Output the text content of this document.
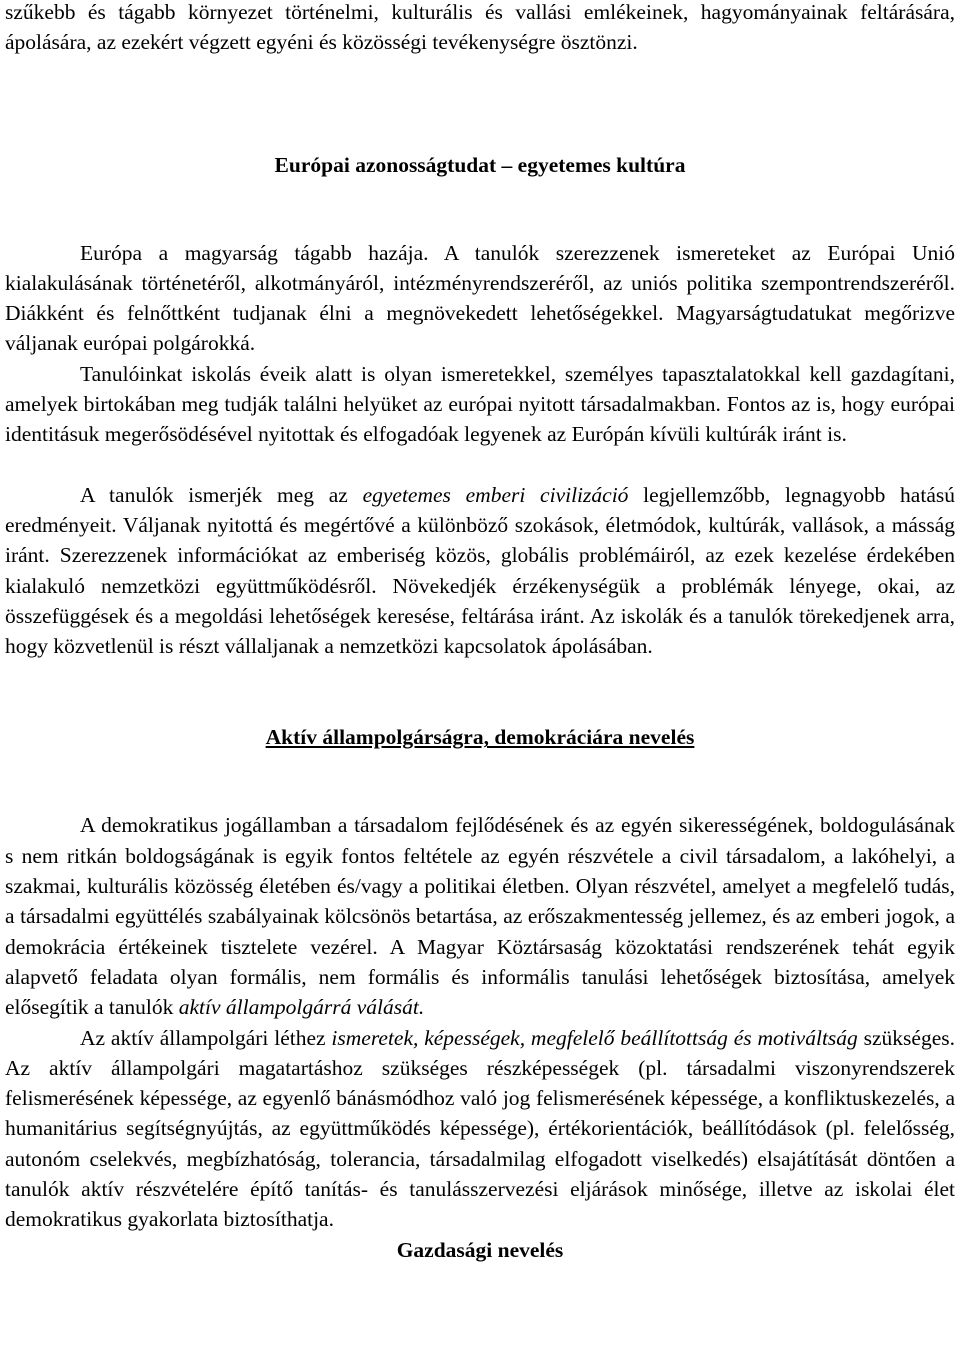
szűkebb és tágabb környezet történelmi, kulturális és vallási emlékeinek, hagyományainak feltárására, ápolására, az ezekért végzett egyéni és közösségi tevékenységre ösztönzi.

Európai azonosságtudat – egyetemes kultúra

Európa a magyarság tágabb hazája. A tanulók szerezzenek ismereteket az Európai Unió kialakulásának történetéről, alkotmányáról, intézményrendszeréről, az uniós politika szempontrendszeréről. Diákként és felnőttként tudjanak élni a megnövekedett lehetőségekkel. Magyarságtudatukat megőrizve váljanak európai polgárokká.

Tanulóinkat iskolás éveik alatt is olyan ismeretekkel, személyes tapasztalatokkal kell gazdagítani, amelyek birtokában meg tudják találni helyüket az európai nyitott társadalmakban. Fontos az is, hogy európai identitásuk megerősödésével nyitottak és elfogadóak legyenek az Európán kívüli kultúrák iránt is.

A tanulók ismerjék meg az egyetemes emberi civilizáció legjellemzőbb, legnagyobb hatású eredményeit. Váljanak nyitottá és megértővé a különböző szokások, életmódok, kultúrák, vallások, a másság iránt. Szerezzenek információkat az emberiség közös, globális problémáiról, az ezek kezelése érdekében kialakuló nemzetközi együttműködésről. Növekedjék érzékenységük a problémák lényege, okai, az összefüggések és a megoldási lehetőségek keresése, feltárása iránt. Az iskolák és a tanulók törekedjenek arra, hogy közvetlenül is részt vállaljanak a nemzetközi kapcsolatok ápolásában.

Aktív állampolgárságra, demokráciára nevelés

A demokratikus jogállamban a társadalom fejlődésének és az egyén sikerességének, boldogulásának s nem ritkán boldogságának is egyik fontos feltétele az egyén részvétele a civil társadalom, a lakóhelyi, a szakmai, kulturális közösség életében és/vagy a politikai életben. Olyan részvétel, amelyet a megfelelő tudás, a társadalmi együttélés szabályainak kölcsönös betartása, az erőszakmentesség jellemez, és az emberi jogok, a demokrácia értékeinek tisztelete vezérel. A Magyar Köztársaság közoktatási rendszerének tehát egyik alapvető feladata olyan formális, nem formális és informális tanulási lehetőségek biztosítása, amelyek elősegítik a tanulók aktív állampolgárrá válását.

Az aktív állampolgári léthez ismeretek, képességek, megfelelő beállítottság és motiváltság szükséges. Az aktív állampolgári magatartáshoz szükséges részképességek (pl. társadalmi viszonyrendszerek felismerésének képessége, az egyenlő bánásmódhoz való jog felismerésének képessége, a konfliktuskezelés, a humanitárius segítségnyújtás, az együttműködés képessége), értékorientációk, beállítódások (pl. felelősség, autonóm cselekvés, megbízhatóság, tolerancia, társadalmilag elfogadott viselkedés) elsajátítását döntően a tanulók aktív részvételére építő tanítás- és tanulásszervezési eljárások minősége, illetve az iskolai élet demokratikus gyakorlata biztosíthatja.

Gazdasági nevelés
